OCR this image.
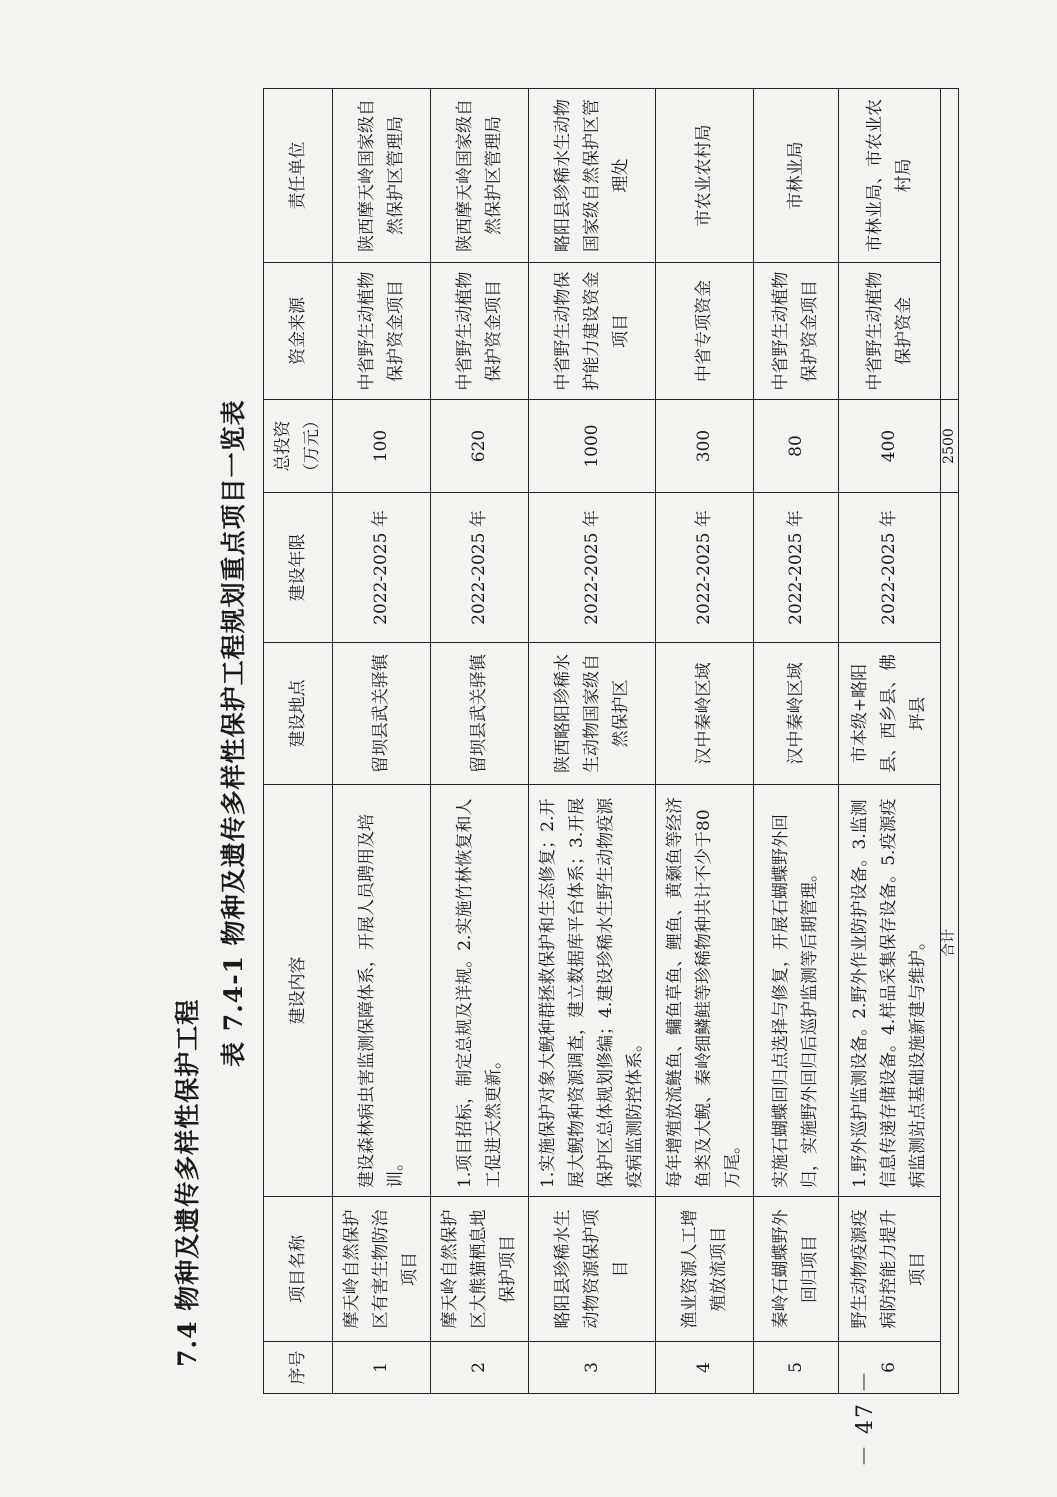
7.4 物种及遗传多样性保护工程
表 7.4-1 物种及遗传多样性保护工程规划重点项目一览表
序号	项目名称	建设内容	建设地点	建设年限	总投资（万元）	资金来源	责任单位
1	摩天岭自然保护区有害生物防治项目	建设森林病虫害监测保障体系，开展人员聘用及培训。	留坝县武关驿镇	2022-2025 年	100	中省野生动植物保护资金项目	陕西摩天岭国家级自然保护区管理局
2	摩天岭自然保护区大熊猫栖息地保护项目	1.项目招标，制定总规及详规。2.实施竹林恢复和人工促进天然更新。	留坝县武关驿镇	2022-2025 年	620	中省野生动植物保护资金项目	陕西摩天岭国家级自然保护区管理局
3	略阳县珍稀水生动物资源保护项目	1.实施保护对象大鲵种群拯救保护和生态修复；2.开展大鲵物种资源调查，建立数据库平台体系；3.开展保护区总体规划修编；4.建设珍稀水生野生动物疫源疫病监测防控体系。	陕西略阳珍稀水生动物国家级自然保护区	2022-2025 年	1000	中省野生动物保护能力建设资金项目	略阳县珍稀水生动物国家级自然保护区管理处
4	渔业资源人工增殖放流项目	每年增殖放流鲢鱼、鳙鱼草鱼、鲤鱼、黄颡鱼等经济鱼类及大鲵、秦岭细鳞鲑等珍稀物种共计不少于80万尾。	汉中秦岭区域	2022-2025 年	300	中省专项资金	市农业农村局
5	秦岭石蝴蝶野外回归项目	实施石蝴蝶回归点选择与修复，开展石蝴蝶野外回归，实施野外回归后巡护监测等后期管理。	汉中秦岭区域	2022-2025 年	80	中省野生动植物保护资金项目	市林业局
6	野生动物疫源疫病防控能力提升项目	1.野外巡护监测设备。2.野外作业防护设备。3.监测信息传递存储设备。4.样品采集保存设备。5.疫源疫病监测站点基础设施新建与维护。	市本级+略阳县、西乡县、佛坪县	2022-2025 年	400	中省野生动植物保护资金	市林业局、市农业农村局
合计					2500		
－ 47 －
